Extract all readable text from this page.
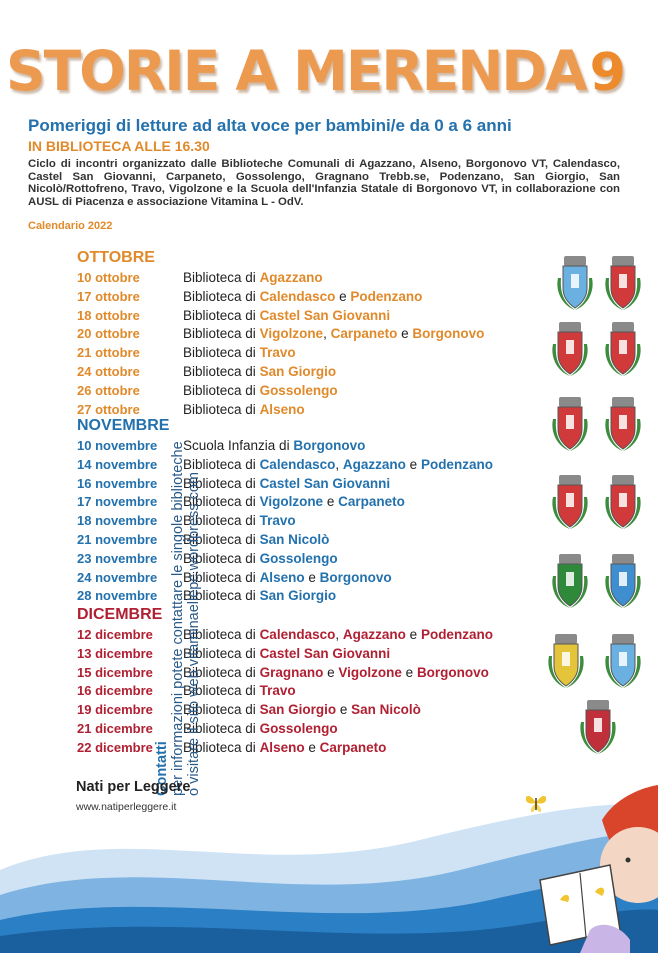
STORIE A MERENDA9
Pomeriggi di letture ad alta voce per bambini/e da 0 a 6 anni
IN BIBLIOTECA ALLE 16.30
Ciclo di incontri organizzato dalle Biblioteche Comunali di Agazzano, Alseno, Borgonovo VT, Calendasco, Castel San Giovanni, Carpaneto, Gossolengo, Gragnano Trebb.se, Podenzano, San Giorgio, San Nicolò/Rottofreno, Travo, Vigolzone e la Scuola dell'Infanzia Statale di Borgonovo VT, in collaborazione con AUSL di Piacenza e associazione Vitamina L - OdV.
Calendario 2022
OTTOBRE
NOVEMBRE
DICEMBRE
10 ottobre	Biblioteca di Agazzano
17 ottobre	Biblioteca di Calendasco e Podenzano
18 ottobre	Biblioteca di Castel San Giovanni
20 ottobre	Biblioteca di Vigolzone, Carpaneto e Borgonovo
21 ottobre	Biblioteca di Travo
24 ottobre	Biblioteca di San Giorgio
26 ottobre	Biblioteca di Gossolengo
27 ottobre	Biblioteca di Alseno
10 novembre Scuola Infanzia di Borgonovo
14 novembre Biblioteca di Calendasco, Agazzano e Podenzano
16 novembre Biblioteca di Castel San Giovanni
17 novembre Biblioteca di Vigolzone e Carpaneto
18 novembre Biblioteca di Travo
21 novembre Biblioteca di San Nicolò
23 novembre Biblioteca di Gossolengo
24 novembre Biblioteca di Alseno e Borgonovo
28 novembre Biblioteca di San Giorgio
12 dicembre Biblioteca di Calendasco, Agazzano e Podenzano
13 dicembre Biblioteca di Castel San Giovanni
15 dicembre Biblioteca di Gragnano e Vigolzone e Borgonovo
16 dicembre Biblioteca di Travo
19 dicembre Biblioteca di San Giorgio e San Nicolò
21 dicembre Biblioteca di Gossolengo
22 dicembre Biblioteca di Alseno e Carpaneto
Contatti per informazioni potete contattare le singole biblioteche o visitare il sito web vitaminaellepc.wordpress.com
Nati per Leggere
www.natiperleggere.it
